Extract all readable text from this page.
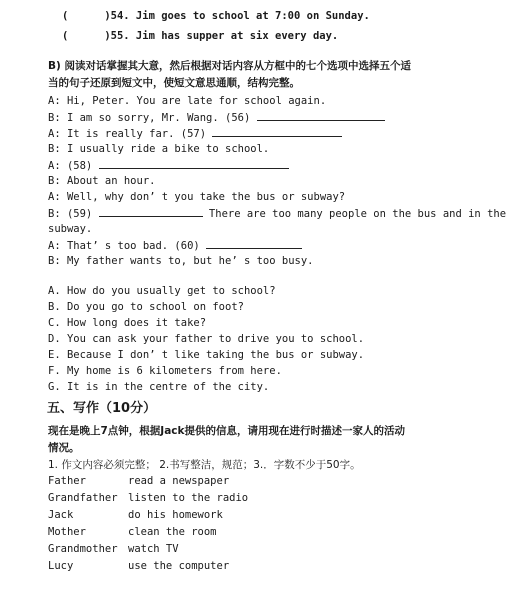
(	)54. Jim goes to school at 7:00 on Sunday.
(	)55. Jim has supper at six every day.
B) 阅读对话掌握其大意，然后根据对话内容从方框中的七个选项中选择五个适
当的句子还原到短文中，使短文意思通顺，结构完整。
A: Hi, Peter. You are late for school again.
B: I am so sorry, Mr. Wang. (56)
A: It is really far. (57)
B: I usually ride a bike to school.
A: (58)
B: About an hour.
A: Well, why don’ t you take the bus or subway?
B: (59)	There are too many people on the bus and in the
subway.
A: That’ s too bad. (60)
B: My father wants to, but he’ s too busy.
A. How do you usually get to school?
B. Do you go to school on foot?
C. How long does it take?
D. You can ask your father to drive you to school.
E. Because I don’ t like taking the bus or subway.
F. My home is 6 kilometers from here.
G. It is in the centre of the city.
五、写作（10分）
现在是晚上7点钟，根据Jack提供的信息，请用现在进行时描述一家人的活动
情况。
1. 作文内容必须完整； 2.书写整洁，规范；3.．字数不少于50字。
Father	read a newspaper
Grandfather listen to the radio
Jack	do his homework
Mother	clean the room
Grandmother watch TV
Lucy	use the computer
